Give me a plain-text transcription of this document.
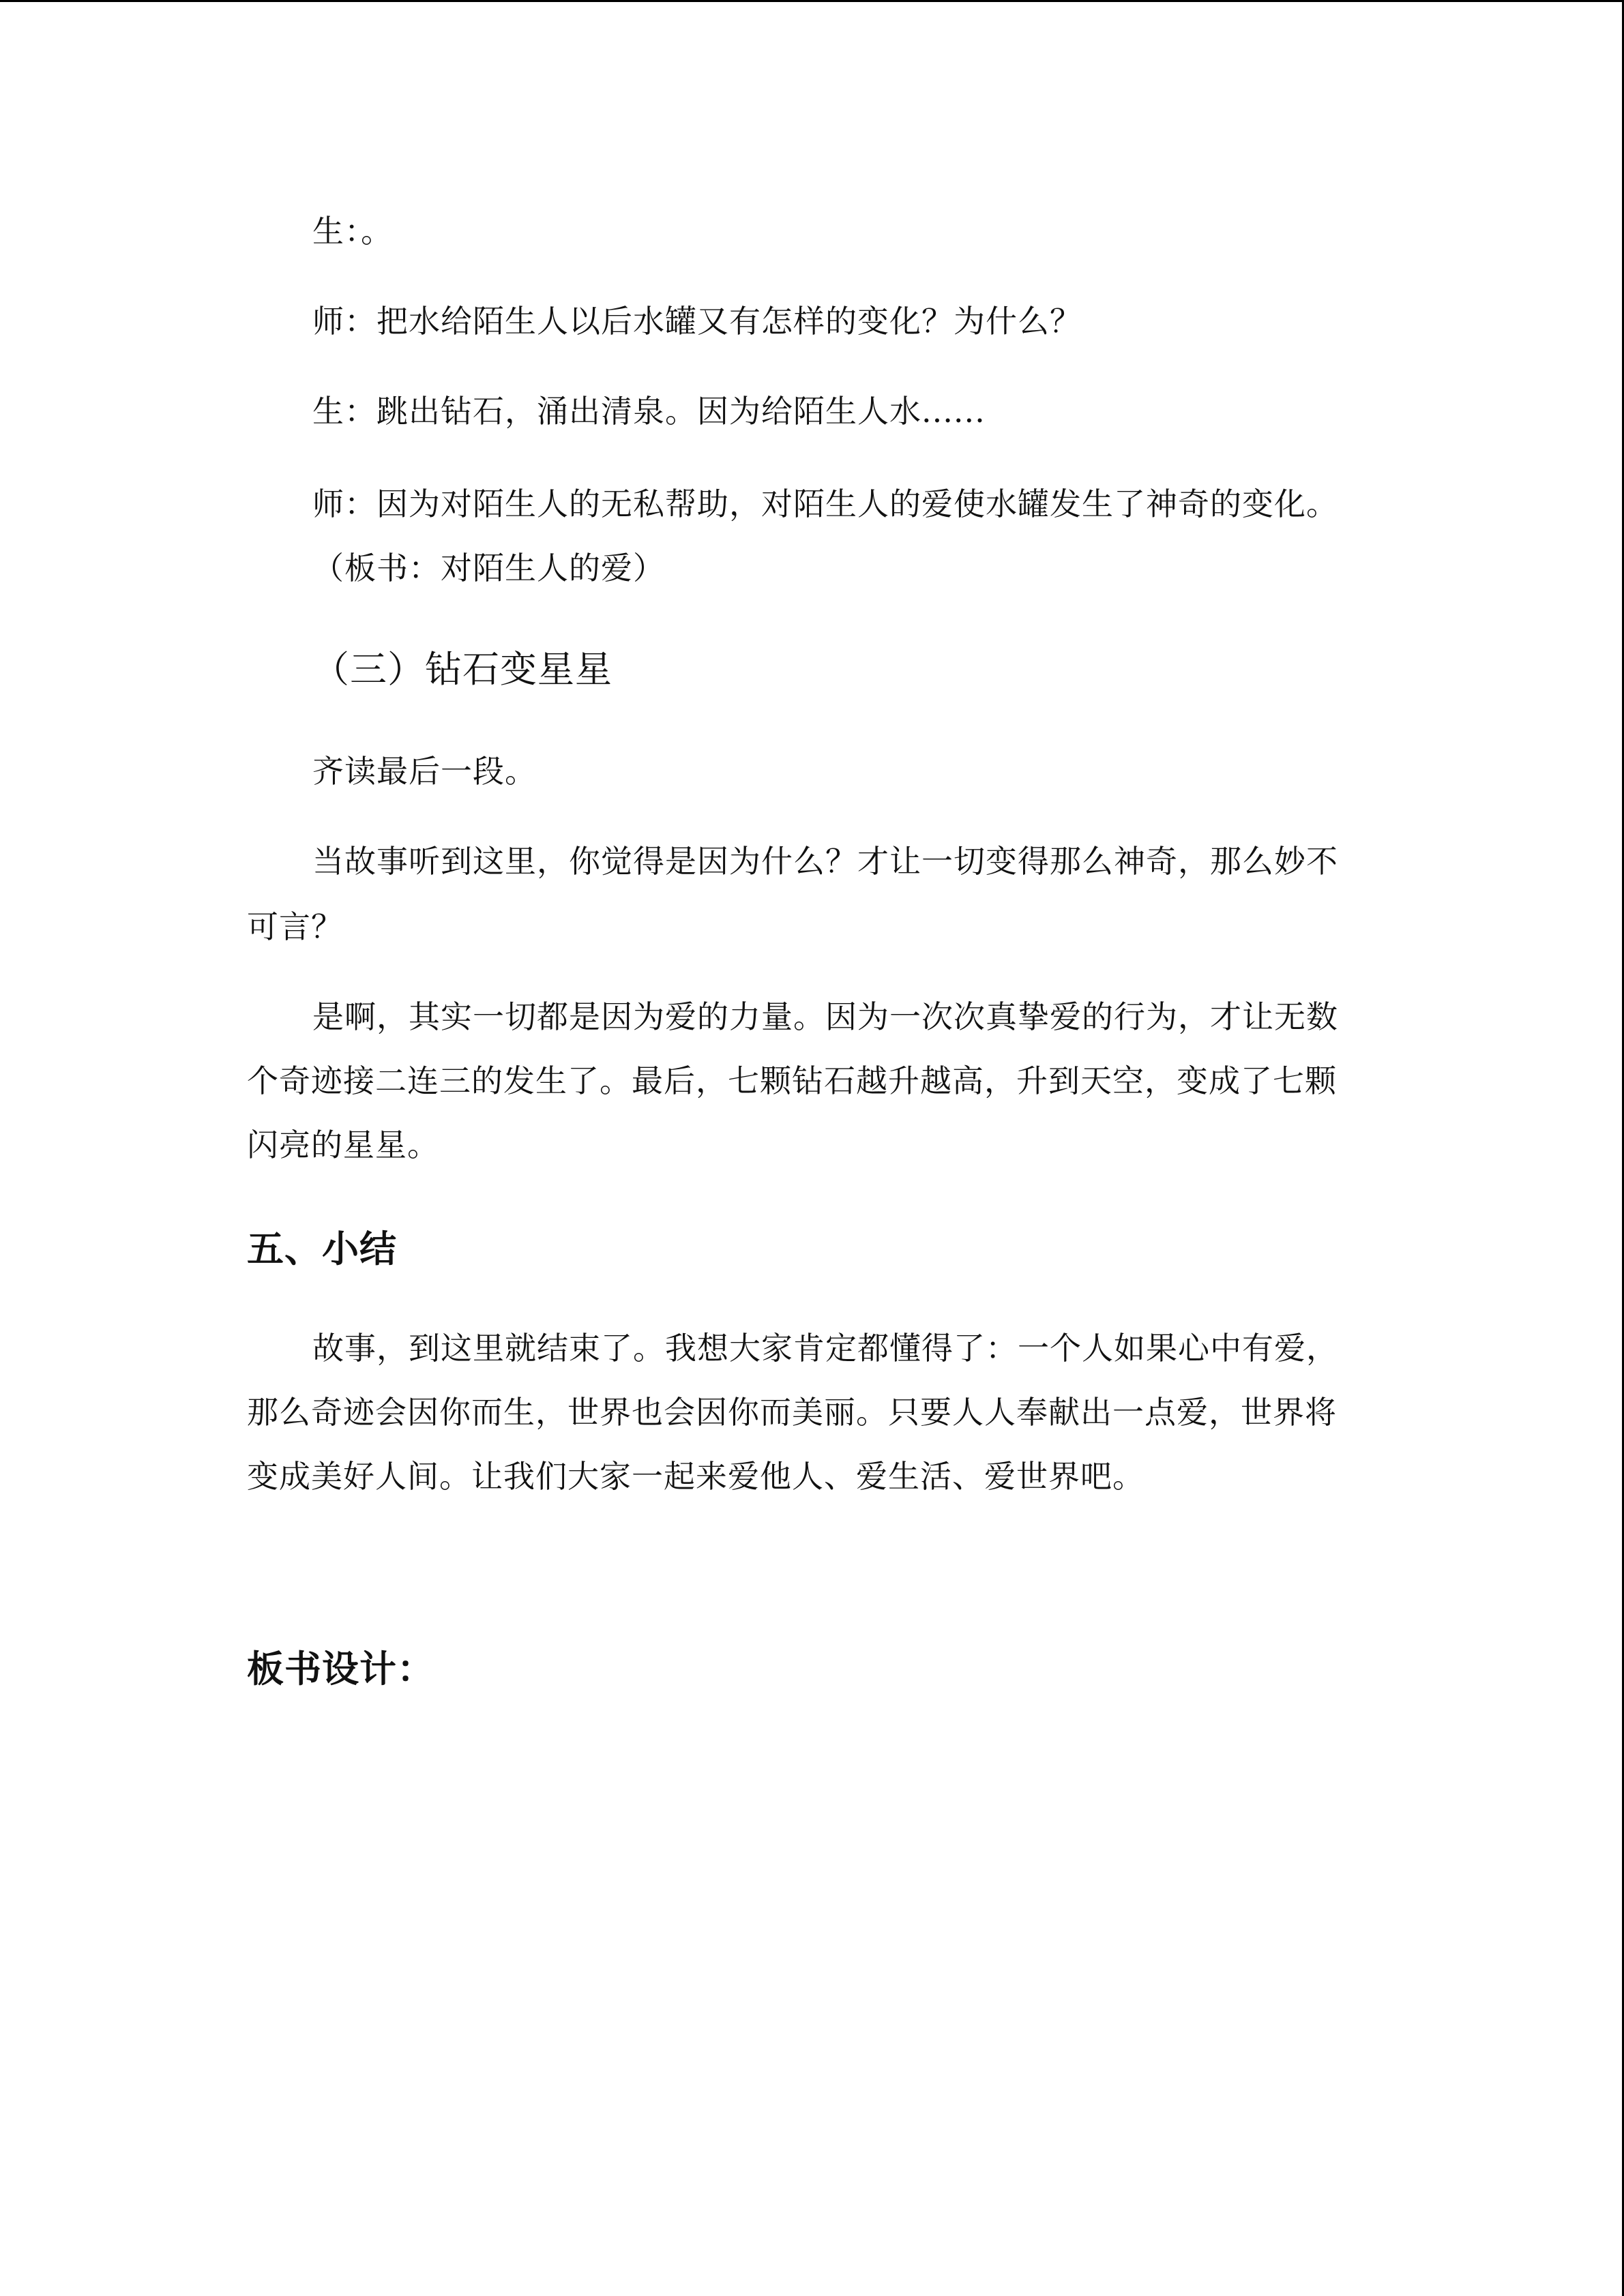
生：。
师：把水给陌生人以后水罐又有怎样的变化？为什么？
生：跳出钻石，涌出清泉。因为给陌生人水......
师：因为对陌生人的无私帮助，对陌生人的爱使水罐发生了神奇的变化。
（板书：对陌生人的爱）
（三）钻石变星星
齐读最后一段。
当故事听到这里，你觉得是因为什么？才让一切变得那么神奇，那么妙不
可言？
是啊，其实一切都是因为爱的力量。因为一次次真挚爱的行为，才让无数
个奇迹接二连三的发生了。最后，七颗钻石越升越高，升到天空，变成了七颗
闪亮的星星。
五、小结
故事，到这里就结束了。我想大家肯定都懂得了：一个人如果心中有爱，
那么奇迹会因你而生，世界也会因你而美丽。只要人人奉献出一点爱，世界将
变成美好人间。让我们大家一起来爱他人、爱生活、爱世界吧。
板书设计：
